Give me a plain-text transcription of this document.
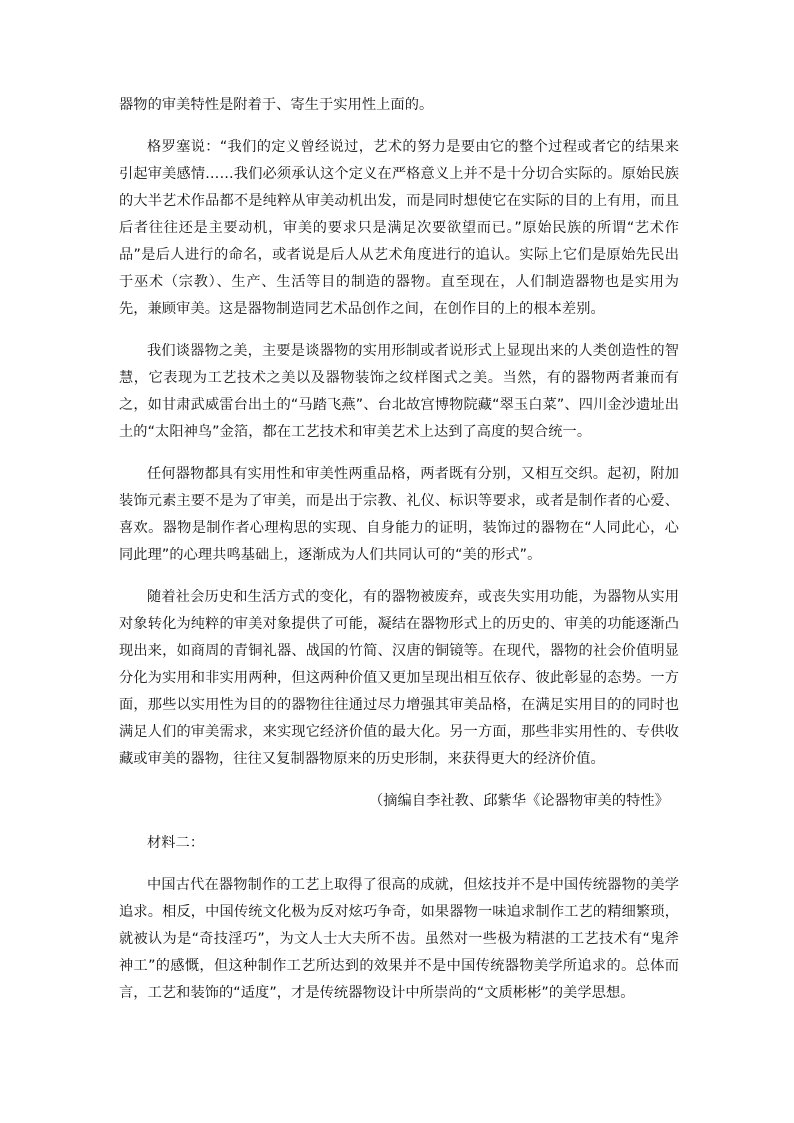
器物的审美特性是附着于、寄生于实用性上面的。

格罗塞说：“我们的定义曾经说过，艺术的努力是要由它的整个过程或者它的结果来引起审美感情……我们必须承认这个定义在严格意义上并不是十分切合实际的。原始民族的大半艺术作品都不是纯粹从审美动机出发，而是同时想使它在实际的目的上有用，而且后者往往还是主要动机，审美的要求只是满足次要欲望而已。”原始民族的所谓“艺术作品”是后人进行的命名，或者说是后人从艺术角度进行的追认。实际上它们是原始先民出于巫术（宗教）、生产、生活等目的制造的器物。直至现在，人们制造器物也是实用为先，兼顾审美。这是器物制造同艺术品创作之间，在创作目的上的根本差别。

我们谈器物之美，主要是谈器物的实用形制或者说形式上显现出来的人类创造性的智慧，它表现为工艺技术之美以及器物装饰之纹样图式之美。当然，有的器物两者兼而有之，如甘肃武威雷台出土的“马踏飞燕”、台北故宫博物院藏“翠玉白菜”、四川金沙遗址出土的“太阳神鸟”金箔，都在工艺技术和审美艺术上达到了高度的契合统一。

任何器物都具有实用性和审美性两重品格，两者既有分别，又相互交织。起初，附加装饰元素主要不是为了审美，而是出于宗教、礼仪、标识等要求，或者是制作者的心爱、喜欢。器物是制作者心理构思的实现、自身能力的证明，装饰过的器物在“人同此心，心同此理”的心理共鸣基础上，逐渐成为人们共同认可的“美的形式”。

随着社会历史和生活方式的变化，有的器物被废弃，或丧失实用功能，为器物从实用对象转化为纯粹的审美对象提供了可能，凝结在器物形式上的历史的、审美的功能逐渐凸现出来，如商周的青铜礼器、战国的竹简、汉唐的铜镜等。在现代，器物的社会价值明显分化为实用和非实用两种，但这两种价值又更加呈现出相互依存、彼此彰显的态势。一方面，那些以实用性为目的的器物往往通过尽力增强其审美品格，在满足实用目的的同时也满足人们的审美需求，来实现它经济价值的最大化。另一方面，那些非实用性的、专供收藏或审美的器物，往往又复制器物原来的历史形制，来获得更大的经济价值。

（摘编自李社教、邱紫华《论器物审美的特性》

材料二：

中国古代在器物制作的工艺上取得了很高的成就，但炫技并不是中国传统器物的美学追求。相反，中国传统文化极为反对炫巧争奇，如果器物一味追求制作工艺的精细繁琐，就被认为是“奇技淫巧”，为文人士大夫所不齿。虽然对一些极为精湛的工艺技术有“鬼斧神工”的感慨，但这种制作工艺所达到的效果并不是中国传统器物美学所追求的。总体而言，工艺和装饰的“适度”，才是传统器物设计中所崇尚的“文质彬彬”的美学思想。
